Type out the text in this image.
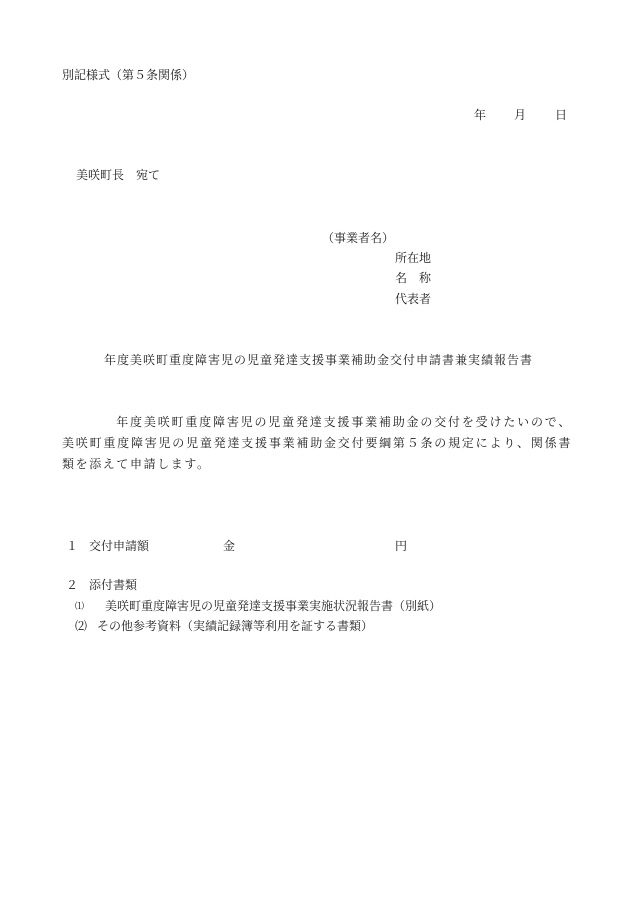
別記様式（第５条関係）
年 月 日
美咲町長　宛て
（事業者名）
所在地
名　称
代表者
年度美咲町重度障害児の児童発達支援事業補助金交付申請書兼実績報告書
年度美咲町重度障害児の児童発達支援事業補助金の交付を受けたいので、美咲町重度障害児の児童発達支援事業補助金交付要綱第５条の規定により、関係書類を添えて申請します。
１ 交付申請額	金	円
２ 添付書類
⑴ 美咲町重度障害児の児童発達支援事業実施状況報告書（別紙）
⑵ その他参考資料（実績記録簿等利用を証する書類）
